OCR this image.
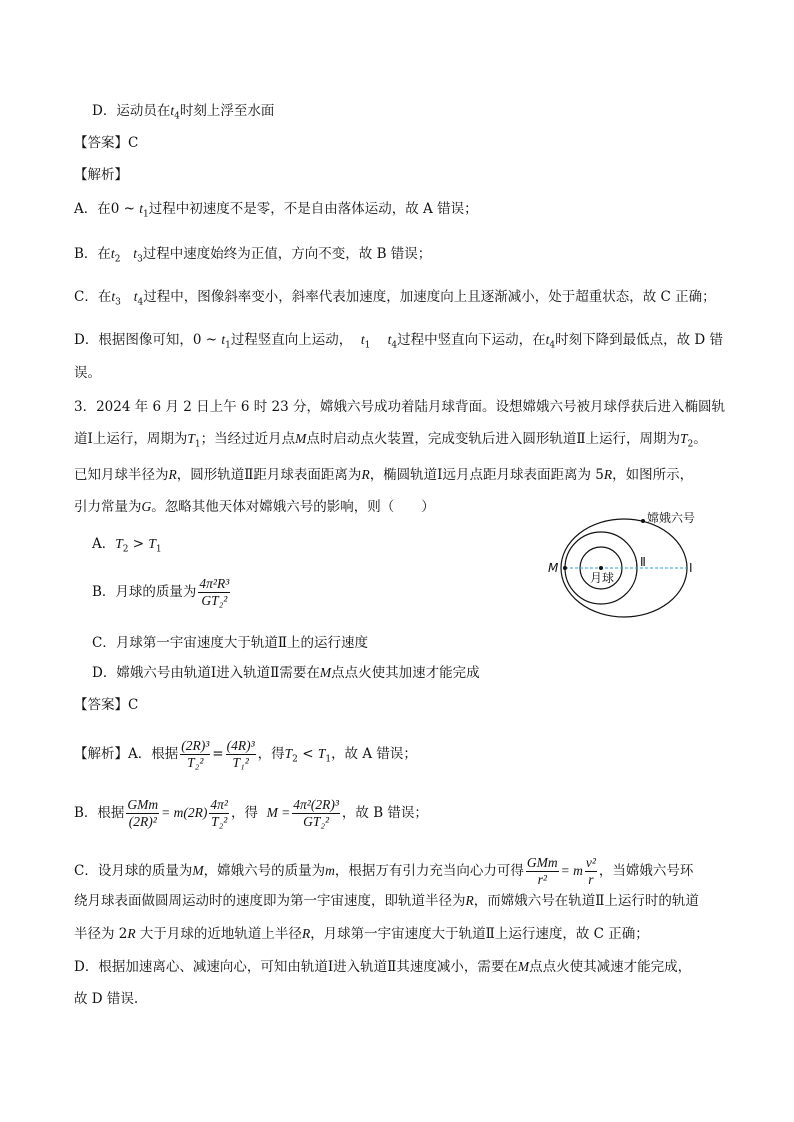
D．运动员在$t_4$时刻上浮至水面
【答案】C
【解析】
A．在0 ~ $t_1$过程中初速度不是零，不是自由落体运动，故 A 错误；
B．在$t_2$ $t_3$过程中速度始终为正值，方向不变，故 B 错误；
C．在$t_3$ $t_4$过程中，图像斜率变小，斜率代表加速度，加速度向上且逐渐减小，处于超重状态，故 C 正确；
D．根据图像可知，0 ~ $t_1$过程竖直向上运动， $t_1$ $t_4$过程中竖直向下运动，在$t_4$时刻下降到最低点，故 D 错
误。
3．2024 年 6 月 2 日上午 6 时 23 分，嫦娥六号成功着陆月球背面。设想嫦娥六号被月球俘获后进入椭圆轨
道Ⅰ上运行，周期为$T_1$；当经过近月点M点时启动点火装置，完成变轨后进入圆形轨道Ⅱ上运行，周期为$T_2$。
已知月球半径为R，圆形轨道Ⅱ距月球表面距离为R，椭圆轨道Ⅰ远月点距月球表面距离为 5R，如图所示，
引力常量为G。忽略其他天体对嫦娥六号的影响，则（　　）
A．$T_2 > T_1$
B．月球的质量为 $\frac{\text{4π²R³}}{\text{GT₂²}}$
C．月球第一宇宙速度大于轨道Ⅱ上的运行速度
D．嫦娥六号由轨道Ⅰ进入轨道Ⅱ需要在M点点火使其加速才能完成
嫦娥六号
M
月球
Ⅱ	Ⅰ
【答案】C
【解析】A．根据 $\frac{\text{(2R)³}}{\text{T₂²}} = \frac{\text{(4R)³}}{\text{T₁²}}$ ，得$T_2 < T_1$，故 A 错误；
B．根据 $\frac{\text{GMm}}{\text{(2R)²}} = m(2R) \frac{\text{4π²}}{\text{T₂²}}$ ，得 $M = \frac{\text{4π²(2R)³}}{\text{GT₂²}}$ ，故 B 错误；
C．设月球的质量为M，嫦娥六号的质量为m，根据万有引力充当向心力可得 $\frac{\text{GMm}}{\text{r²}} = m \frac{\text{v²}}{r}$ ，当嫦娥六号环
绕月球表面做圆周运动时的速度即为第一宇宙速度，即轨道半径为R，而嫦娥六号在轨道Ⅱ上运行时的轨道
半径为 2R 大于月球的近地轨道上半径R，月球第一宇宙速度大于轨道Ⅱ上运行速度，故 C 正确；
D．根据加速离心、减速向心，可知由轨道Ⅰ进入轨道Ⅱ其速度减小，需要在M点点火使其减速才能完成，
故 D 错误.
